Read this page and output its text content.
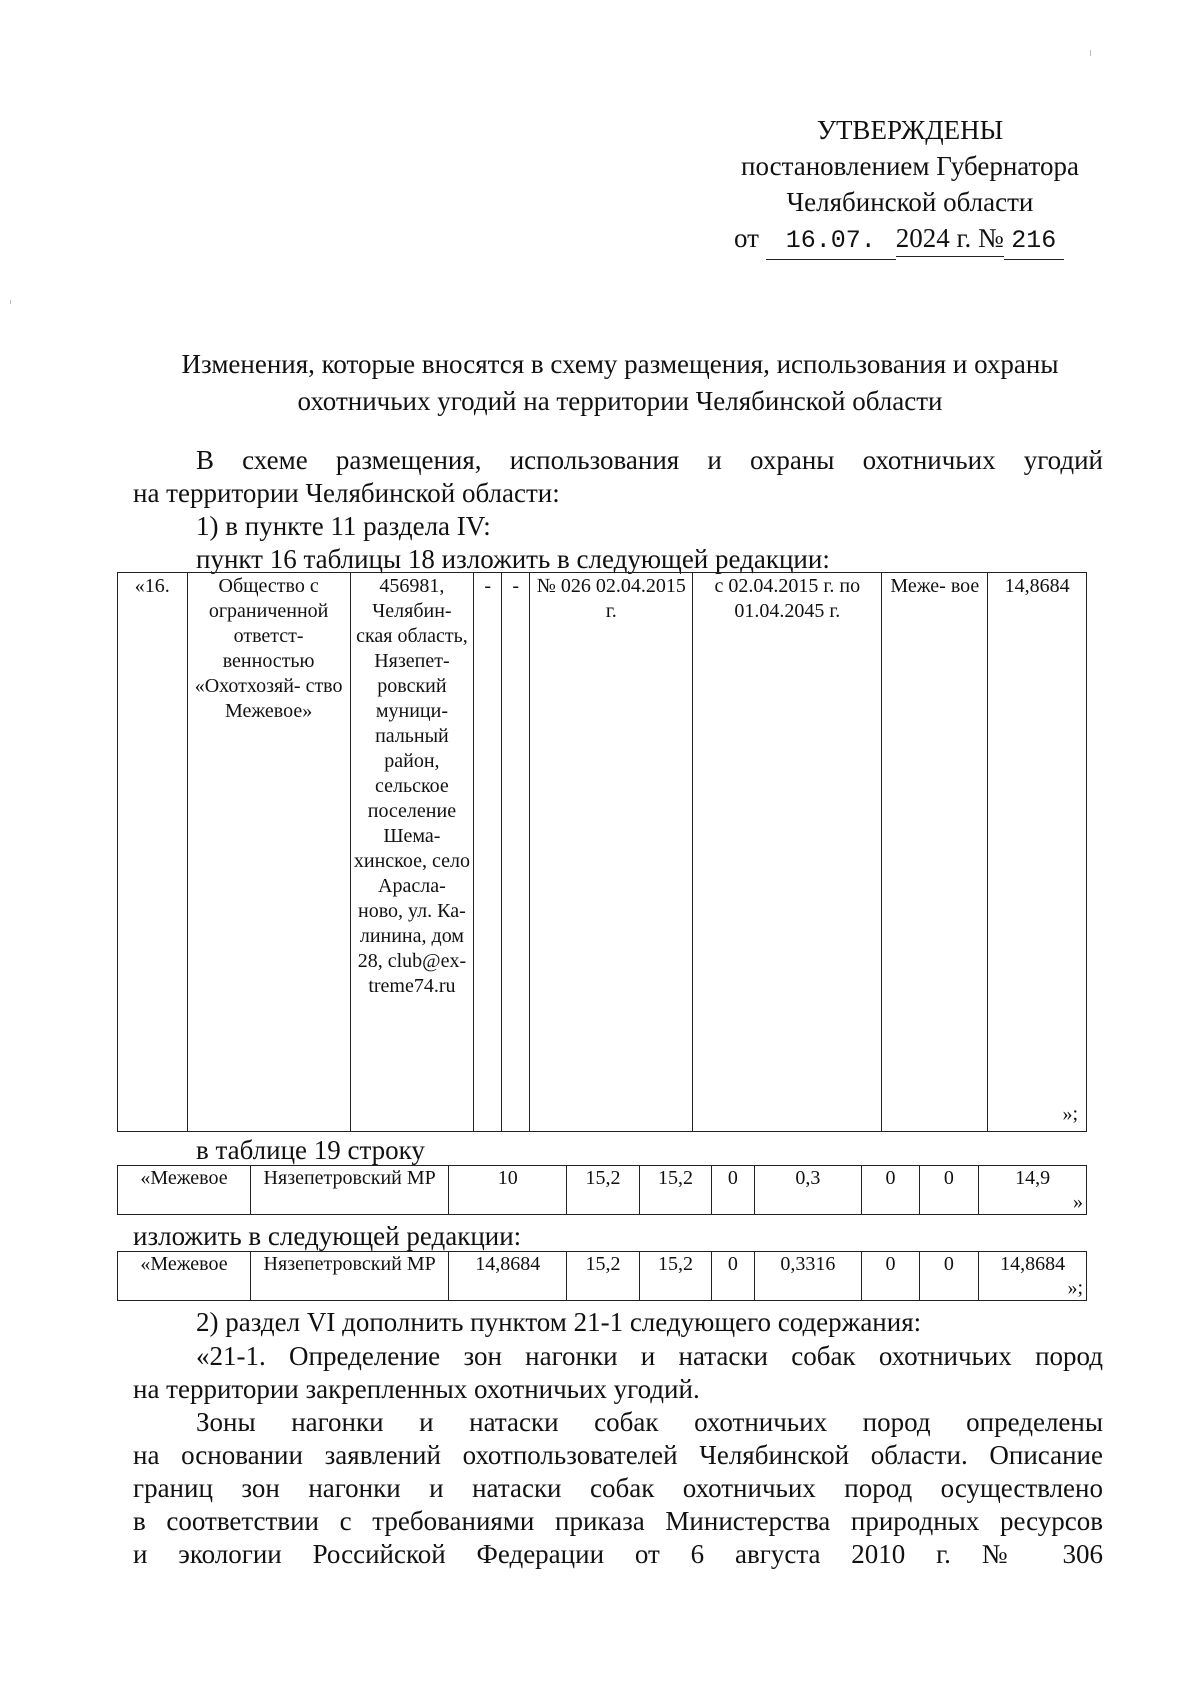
УТВЕРЖДЕНЫ
постановлением Губернатора
Челябинской области
от 16.07. 2024 г. № 216
Изменения, которые вносятся в схему размещения, использования и охраны
охотничьих угодий на территории Челябинской области
В схеме размещения, использования и охраны охотничьих угодий
на территории Челябинской области:
1) в пункте 11 раздела IV:
пункт 16 таблицы 18 изложить в следующей редакции:
«16.	Общество с ограниченной ответст- венностью «Охотхозяй- ство Межевое»	456981, Челябин- ская область, Нязепет- ровский муници- пальный район, сельское поселение Шема- хинское, село Арасла- ново, ул. Ка- линина, дом 28, club@ex- treme74.ru	-	-	№ 026 02.04.2015 г.	с 02.04.2015 г. по 01.04.2045 г.	Меже- вое	14,8684
»;
в таблице 19 строку
«Межевое	Нязепетровский МР	10	15,2	15,2	0	0,3	0	0	14,9
»
изложить в следующей редакции:
«Межевое	Нязепетровский МР	14,8684	15,2	15,2	0	0,3316	0	0	14,8684
»;
2) раздел VI дополнить пунктом 21-1 следующего содержания:
«21-1. Определение зон нагонки и натаски собак охотничьих пород
на территории закрепленных охотничьих угодий.
Зоны нагонки и натаски собак охотничьих пород определены
на основании заявлений охотпользователей Челябинской области. Описание
границ зон нагонки и натаски собак охотничьих пород осуществлено
в соответствии с требованиями приказа Министерства природных ресурсов
и экологии Российской Федерации от 6 августа 2010 г. № 306
